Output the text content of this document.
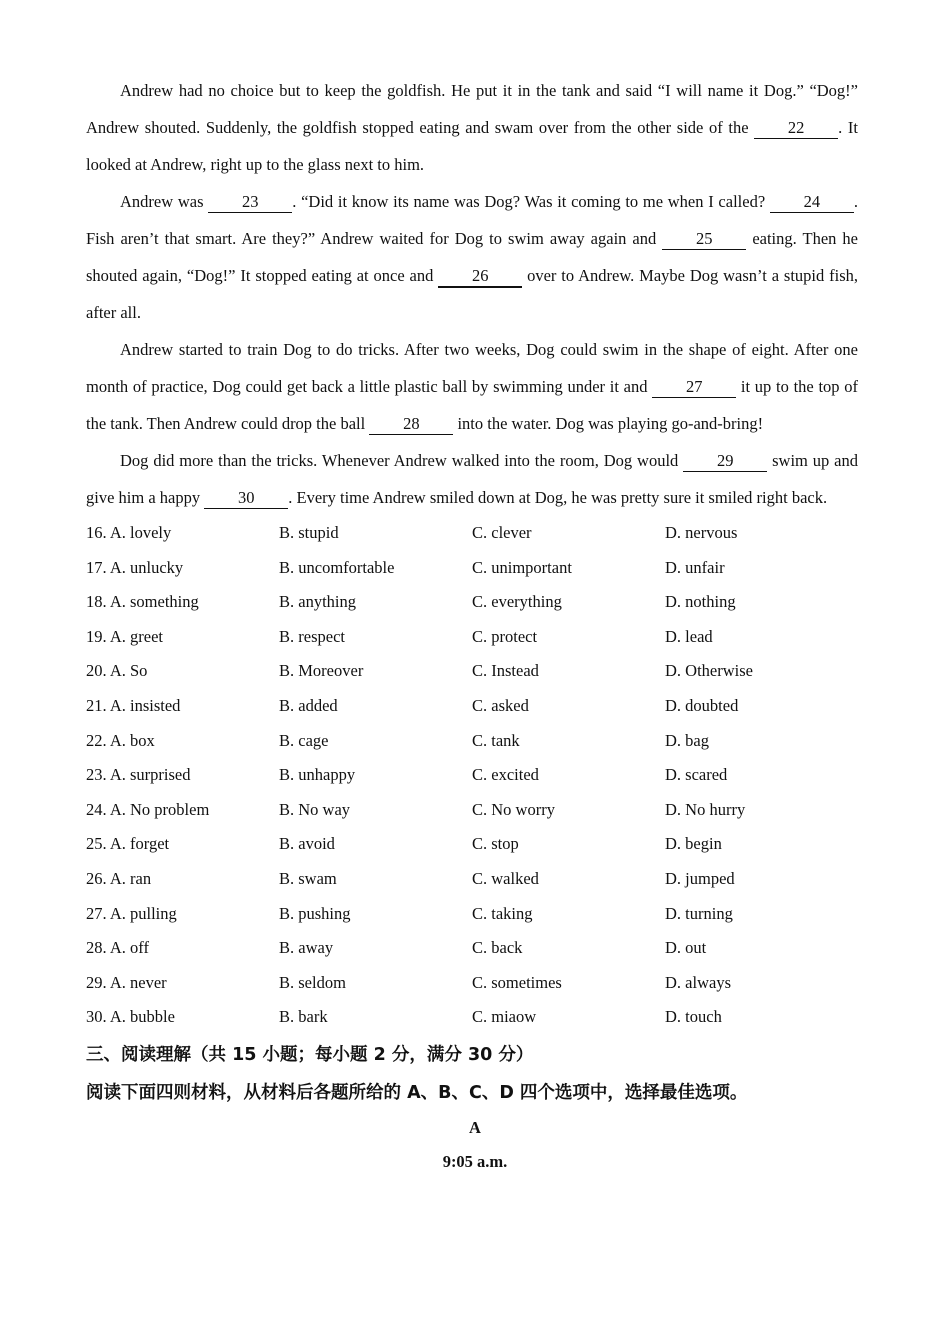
Andrew had no choice but to keep the goldfish. He put it in the tank and said “I will name it Dog.” “Dog!” Andrew shouted. Suddenly, the goldfish stopped eating and swam over from the other side of the 22 . It looked at Andrew, right up to the glass next to him.

Andrew was 23 . “Did it know its name was Dog? Was it coming to me when I called? 24 . Fish aren’t that smart. Are they?” Andrew waited for Dog to swim away again and 25 eating. Then he shouted again, “Dog!” It stopped eating at once and 26 over to Andrew. Maybe Dog wasn’t a stupid fish, after all.

Andrew started to train Dog to do tricks. After two weeks, Dog could swim in the shape of eight. After one month of practice, Dog could get back a little plastic ball by swimming under it and 27 it up to the top of the tank. Then Andrew could drop the ball 28 into the water. Dog was playing go-and-bring!

Dog did more than the tricks. Whenever Andrew walked into the room, Dog would 29 swim up and give him a happy 30 . Every time Andrew smiled down at Dog, he was pretty sure it smiled right back.

16. A. lovely	B. stupid	C. clever	D. nervous
17. A. unlucky	B. uncomfortable	C. unimportant	D. unfair
18. A. something	B. anything	C. everything	D. nothing
19. A. greet	B. respect	C. protect	D. lead
20. A. So	B. Moreover	C. Instead	D. Otherwise
21. A. insisted	B. added	C. asked	D. doubted
22. A. box	B. cage	C. tank	D. bag
23. A. surprised	B. unhappy	C. excited	D. scared
24. A. No problem	B. No way	C. No worry	D. No hurry
25. A. forget	B. avoid	C. stop	D. begin
26. A. ran	B. swam	C. walked	D. jumped
27. A. pulling	B. pushing	C. taking	D. turning
28. A. off	B. away	C. back	D. out
29. A. never	B. seldom	C. sometimes	D. always
30. A. bubble	B. bark	C. miaow	D. touch
三、阅读理解（共 15 小题；每小题 2 分，满分 30 分）
阅读下面四则材料，从材料后各题所给的 A、B、C、D 四个选项中，选择最佳选项。
A
9:05 a.m.
